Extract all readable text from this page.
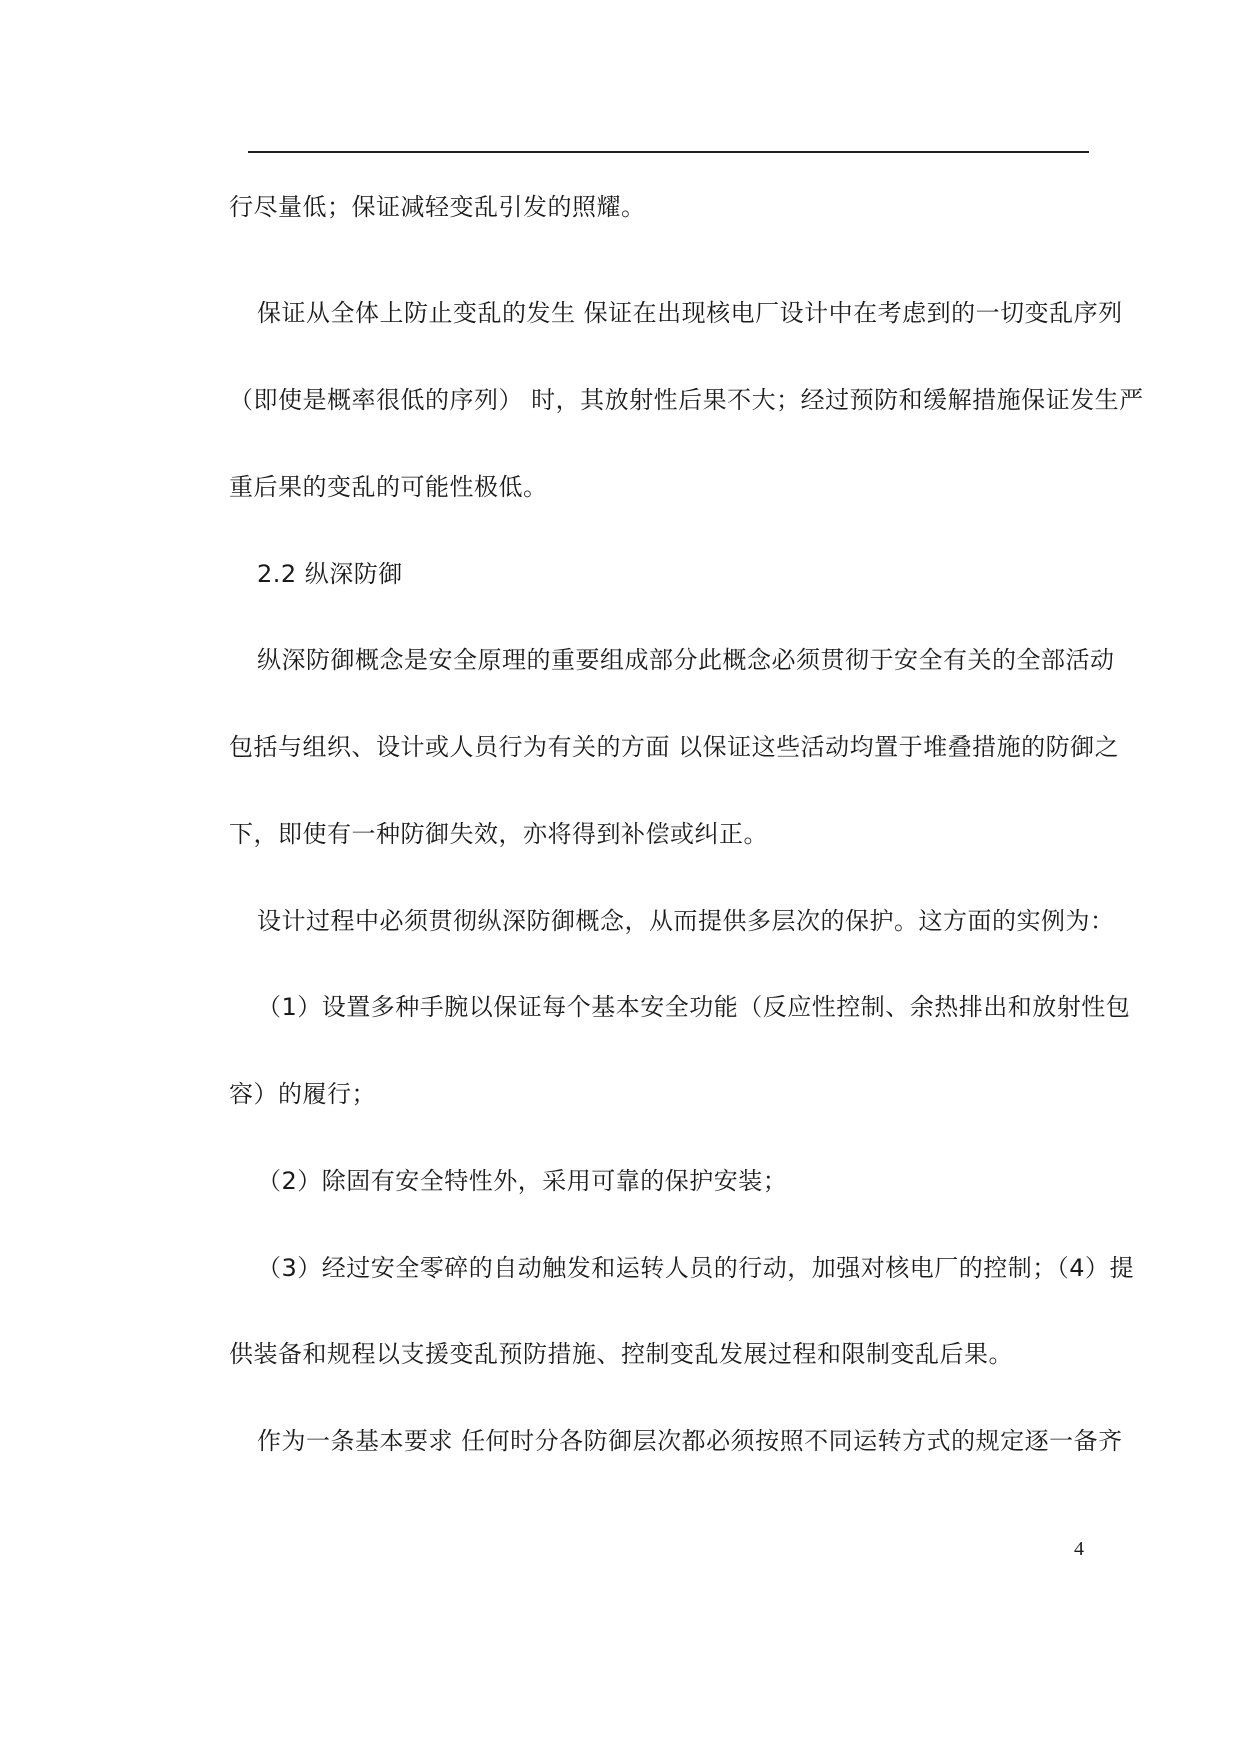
行尽量低；保证减轻变乱引发的照耀。
保证从全体上防止变乱的发生 保证在出现核电厂设计中在考虑到的一切变乱序列
（即使是概率很低的序列） 时，其放射性后果不大；经过预防和缓解措施保证发生严
重后果的变乱的可能性极低。
2.2 纵深防御
纵深防御概念是安全原理的重要组成部分此概念必须贯彻于安全有关的全部活动
包括与组织、设计或人员行为有关的方面 以保证这些活动均置于堆叠措施的防御之
下，即使有一种防御失效，亦将得到补偿或纠正。
设计过程中必须贯彻纵深防御概念，从而提供多层次的保护。这方面的实例为：
（1）设置多种手腕以保证每个基本安全功能（反应性控制、余热排出和放射性包
容）的履行；
（2）除固有安全特性外，采用可靠的保护安装；
（3）经过安全零碎的自动触发和运转人员的行动，加强对核电厂的控制；（4）提
供装备和规程以支援变乱预防措施、控制变乱发展过程和限制变乱后果。
作为一条基本要求 任何时分各防御层次都必须按照不同运转方式的规定逐一备齐
4
